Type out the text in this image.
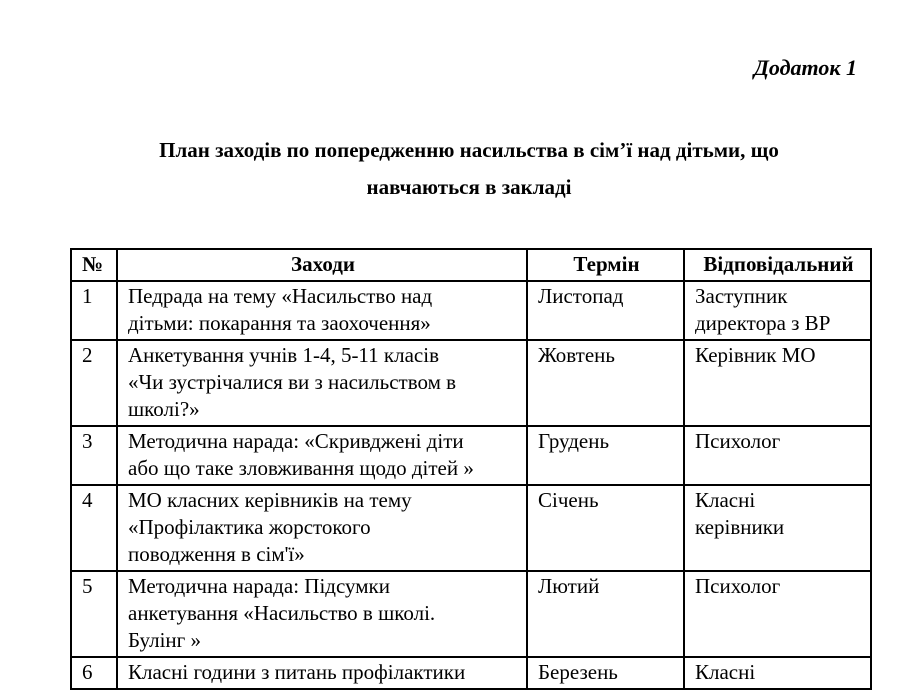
Додаток 1
План заходів по попередженню насильства в сім’ї над дітьми, що
навчаються в закладі
№	Заходи	Термін	Відповідальний
1	Педрада на тему «Насильство над
дітьми: покарання та заохочення»	Листопад	Заступник
директора з ВР

2	Анкетування учнів 1-4, 5-11 класів
«Чи зустрічалися ви з насильством в
школі?»	Жовтень	Керівник МО

3	Методична нарада: «Скривджені діти
або що таке зловживання щодо дітей »	Грудень	Психолог

4	МО класних керівників на тему
«Профілактика жорстокого
поводження в сім'ї»	Січень	Класні
керівники

5	Методична нарада: Підсумки
анкетування «Насильство в школі.
Булінг »	Лютий	Психолог

6	Класні години з питань профілактики	Березень	Класні
